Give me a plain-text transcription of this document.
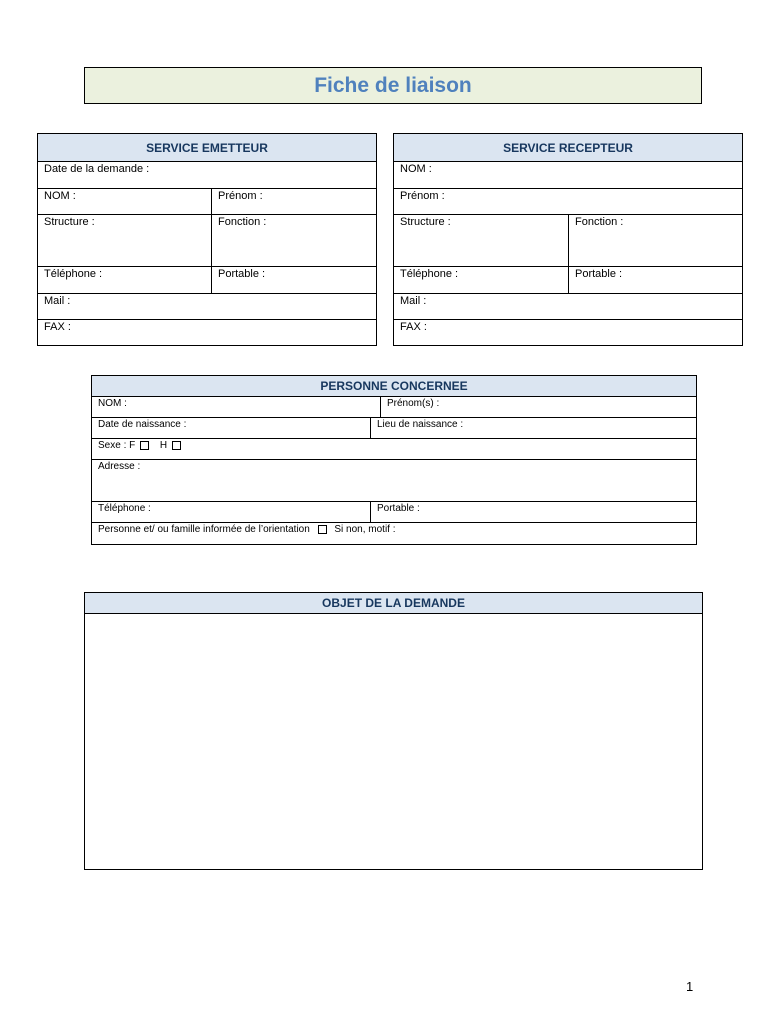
Fiche de liaison
SERVICE EMETTEUR	
Date de la demande :	
NOM :	Prénom :
Structure :	Fonction :
Téléphone :	Portable :
Mail :	
FAX :	
SERVICE RECEPTEUR	
NOM :	
Prénom :	
Structure :	Fonction :
Téléphone :	Portable :
Mail :	
FAX :	
PERSONNE CONCERNEE		
NOM :		Prénom(s) :
Date de naissance :	Lieu de naissance :	
Sexe : F H		
Adresse :		
Téléphone :	Portable :	
Personne et/ ou famille informée de l’orientation Si non, motif :		
OBJET DE LA DEMANDE
1
